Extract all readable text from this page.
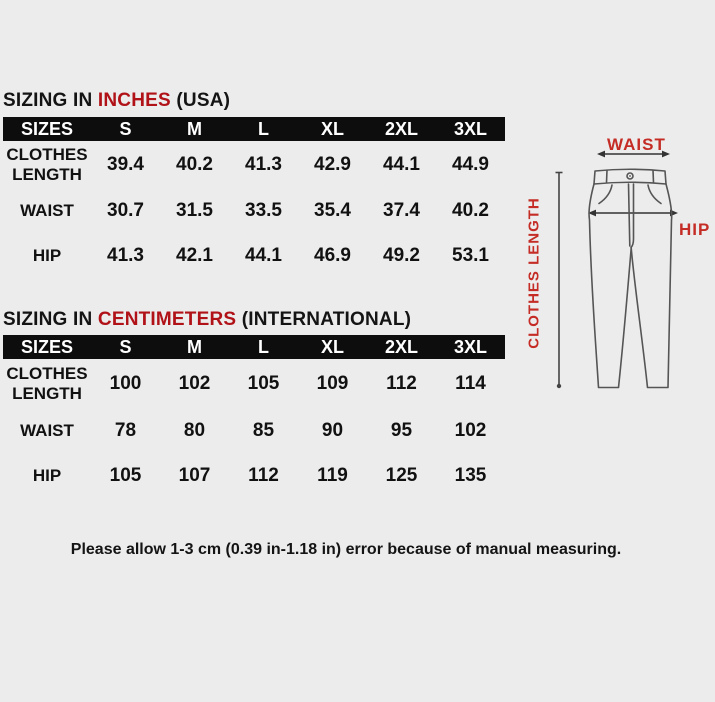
SIZING IN INCHES (USA)
SIZES	S	M	L	XL	2XL	3XL
CLOTHES LENGTH	39.4	40.2	41.3	42.9	44.1	44.9
WAIST	30.7	31.5	33.5	35.4	37.4	40.2
HIP	41.3	42.1	44.1	46.9	49.2	53.1
SIZING IN CENTIMETERS (INTERNATIONAL)
SIZES	S	M	L	XL	2XL	3XL
CLOTHES LENGTH	100	102	105	109	112	114
WAIST	78	80	85	90	95	102
HIP	105	107	112	119	125	135
WAIST
HIP
CLOTHES LENGTH
Please allow 1-3 cm (0.39 in-1.18 in) error because of manual measuring.
